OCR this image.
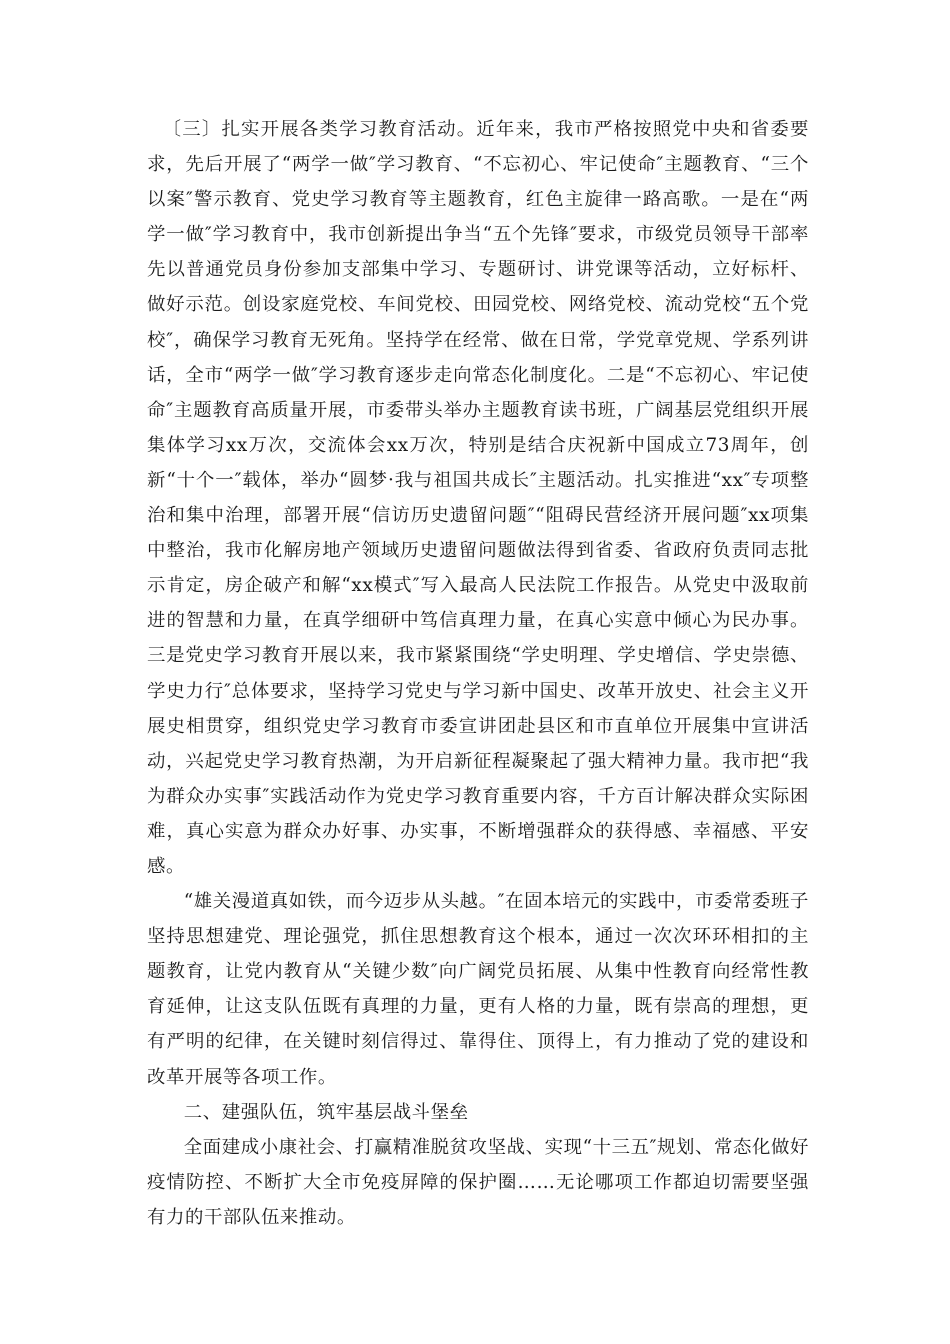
〔三〕扎实开展各类学习教育活动。近年来，我市严格按照党中央和省委要求，先后开展了“两学一做″学习教育、“不忘初心、牢记使命″主题教育、“三个以案″警示教育、党史学习教育等主题教育，红色主旋律一路高歌。一是在“两学一做″学习教育中，我市创新提出争当“五个先锋″要求，市级党员领导干部率先以普通党员身份参加支部集中学习、专题研讨、讲党课等活动，立好标杆、做好示范。创设家庭党校、车间党校、田园党校、网络党校、流动党校“五个党校″，确保学习教育无死角。坚持学在经常、做在日常，学党章党规、学系列讲话，全市“两学一做″学习教育逐步走向常态化制度化。二是“不忘初心、牢记使命″主题教育高质量开展，市委带头举办主题教育读书班，广阔基层党组织开展集体学习xx万次，交流体会xx万次，特别是结合庆祝新中国成立73周年，创新“十个一″载体，举办“圆梦·我与祖国共成长″主题活动。扎实推进“xx″专项整治和集中治理，部署开展“信访历史遗留问题″“阻碍民营经济开展问题″xx项集中整治，我市化解房地产领域历史遗留问题做法得到省委、省政府负责同志批示肯定，房企破产和解“xx模式″写入最高人民法院工作报告。从党史中汲取前进的智慧和力量，在真学细研中笃信真理力量，在真心实意中倾心为民办事。三是党史学习教育开展以来，我市紧紧围绕“学史明理、学史增信、学史崇德、学史力行″总体要求，坚持学习党史与学习新中国史、改革开放史、社会主义开展史相贯穿，组织党史学习教育市委宣讲团赴县区和市直单位开展集中宣讲活动，兴起党史学习教育热潮，为开启新征程凝聚起了强大精神力量。我市把“我为群众办实事″实践活动作为党史学习教育重要内容，千方百计解决群众实际困难，真心实意为群众办好事、办实事，不断增强群众的获得感、幸福感、平安感。

“雄关漫道真如铁，而今迈步从头越。″在固本培元的实践中，市委常委班子坚持思想建党、理论强党，抓住思想教育这个根本，通过一次次环环相扣的主题教育，让党内教育从“关键少数″向广阔党员拓展、从集中性教育向经常性教育延伸，让这支队伍既有真理的力量，更有人格的力量，既有崇高的理想，更有严明的纪律，在关键时刻信得过、靠得住、顶得上，有力推动了党的建设和改革开展等各项工作。

二、建强队伍，筑牢基层战斗堡垒

全面建成小康社会、打赢精准脱贫攻坚战、实现“十三五″规划、常态化做好疫情防控、不断扩大全市免疫屏障的保护圈……无论哪项工作都迫切需要坚强有力的干部队伍来推动。
